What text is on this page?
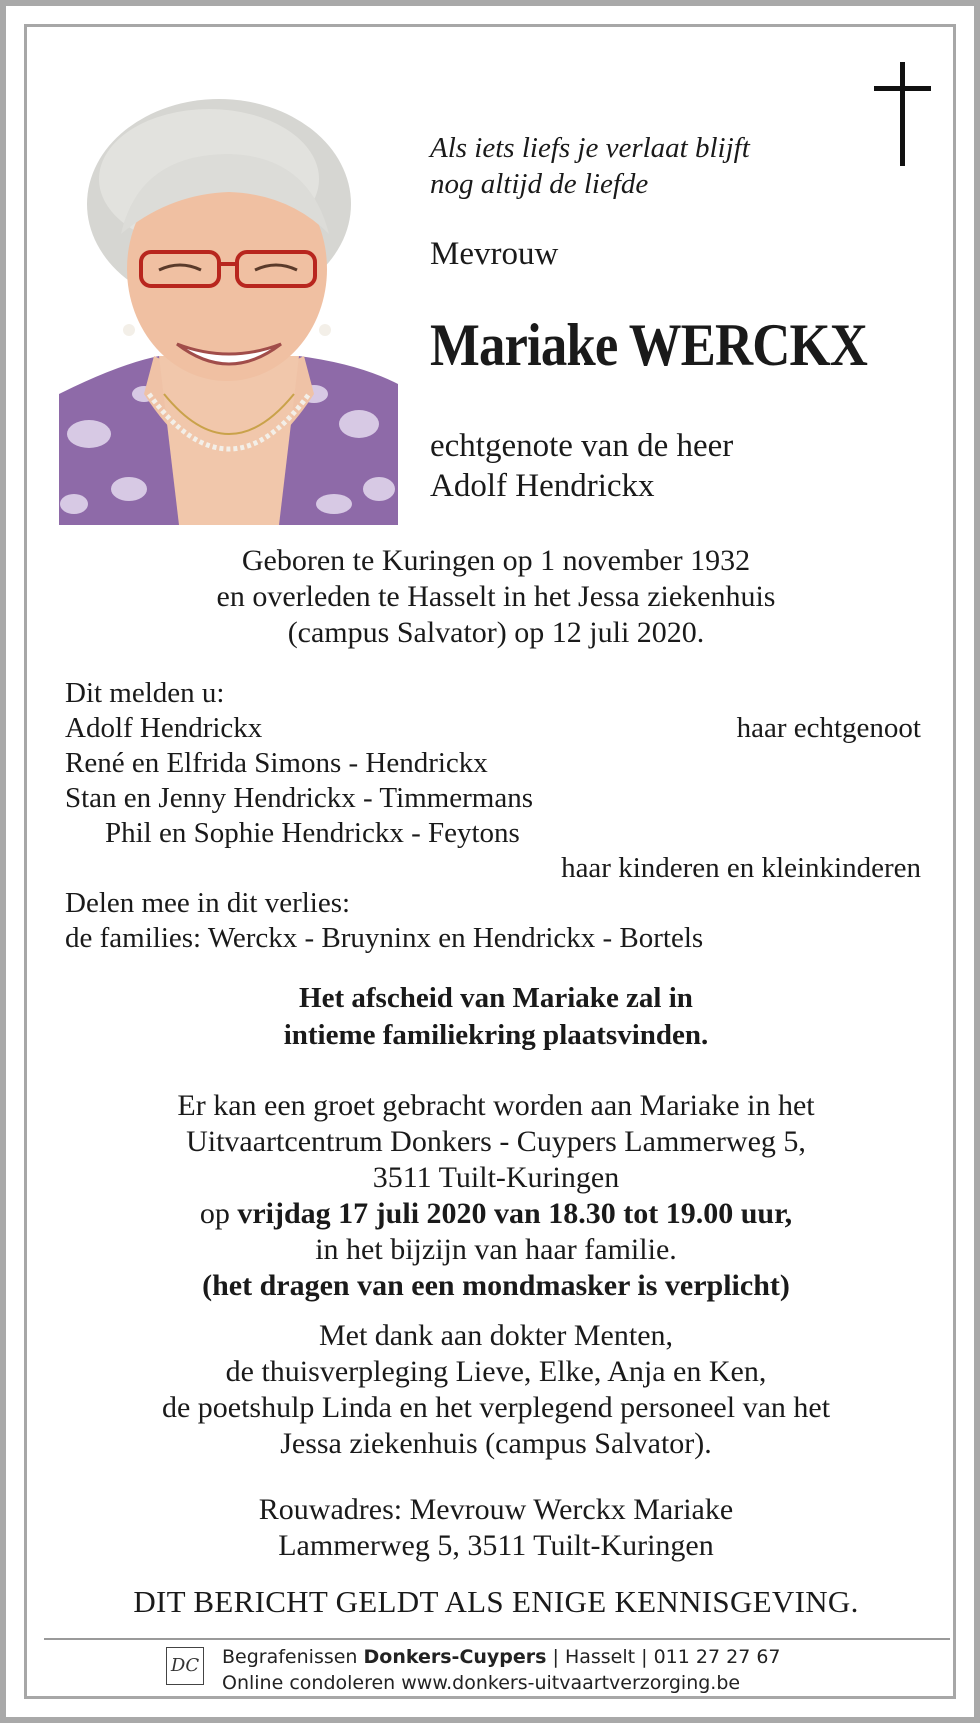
Als iets liefs je verlaat blijft
nog altijd de liefde
Mevrouw
Mariake WERCKX
echtgenote van de heer
Adolf Hendrickx
Geboren te Kuringen op 1 november 1932
en overleden te Hasselt in het Jessa ziekenhuis
(campus Salvator) op 12 juli 2020.
Dit melden u:
Adolf Hendrickx	haar echtgenoot
René en Elfrida Simons - Hendrickx
Stan en Jenny Hendrickx - Timmermans
Phil en Sophie Hendrickx - Feytons
haar kinderen en kleinkinderen
Delen mee in dit verlies:
de families: Werckx - Bruyninx en Hendrickx - Bortels
Het afscheid van Mariake zal in
intieme familiekring plaatsvinden.
Er kan een groet gebracht worden aan Mariake in het
Uitvaartcentrum Donkers - Cuypers Lammerweg 5,
3511 Tuilt-Kuringen
op vrijdag 17 juli 2020 van 18.30 tot 19.00 uur,
in het bijzijn van haar familie.
(het dragen van een mondmasker is verplicht)
Met dank aan dokter Menten,
de thuisverpleging Lieve, Elke, Anja en Ken,
de poetshulp Linda en het verplegend personeel van het
Jessa ziekenhuis (campus Salvator).
Rouwadres: Mevrouw Werckx Mariake
Lammerweg 5, 3511 Tuilt-Kuringen
DIT BERICHT GELDT ALS ENIGE KENNISGEVING.
DC Begrafenissen Donkers-Cuypers | Hasselt | 011 27 27 67
Online condoleren www.donkers-uitvaartverzorging.be
